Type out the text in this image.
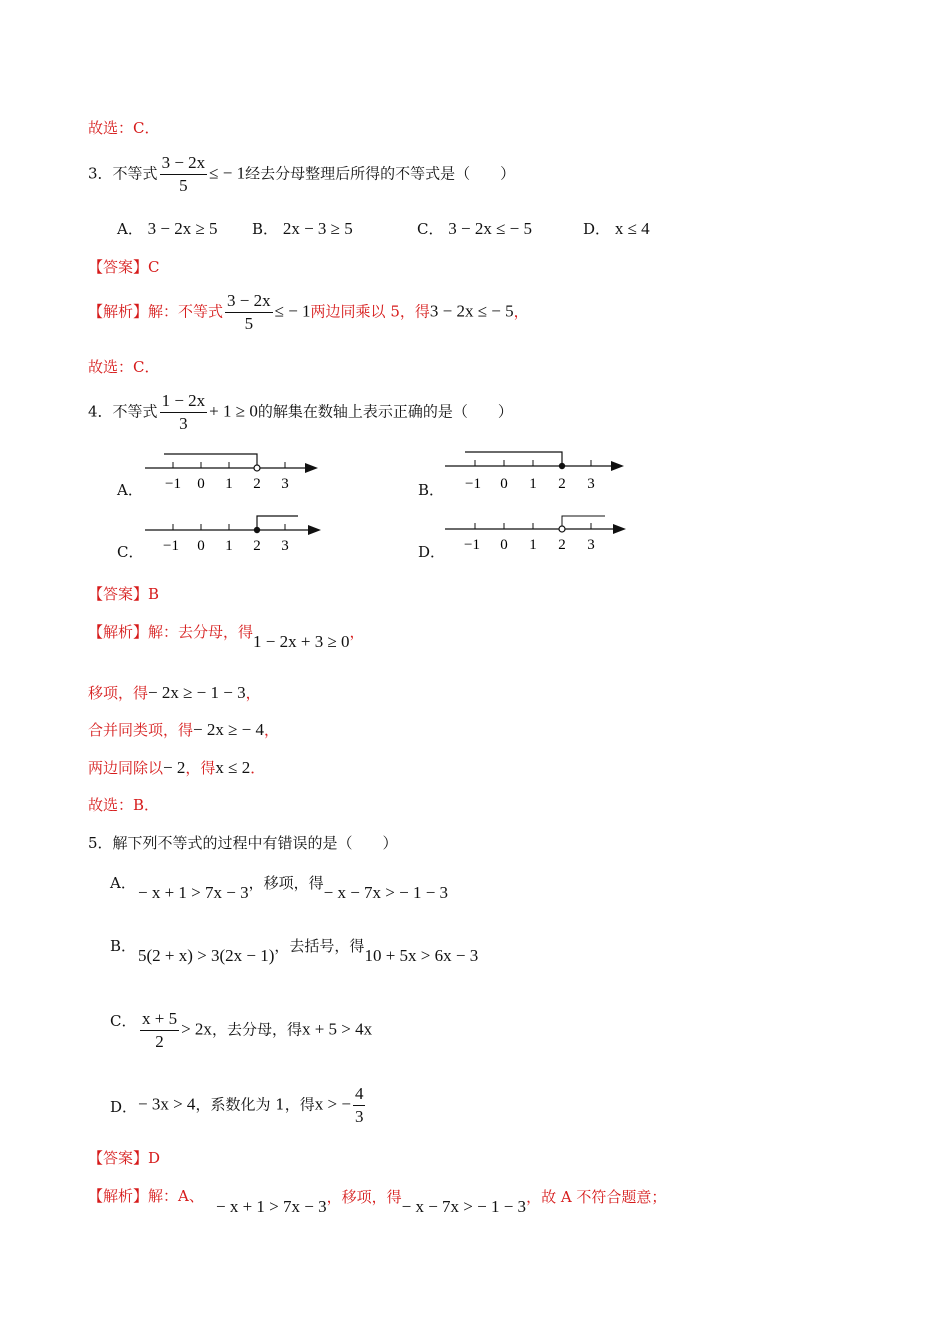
故选：C．
3．不等式 $\frac{3 - 2x}{5}$ ≤ − 1经去分母整理后所得的不等式是（　　）
A． 3 − 2x ≥ 5 B． 2x − 3 ≥ 5	C． 3 − 2x ≤ − 5	D． x ≤ 4
【答案】C
【解析】解：不等式 $\frac{3 - 2x}{5}$ ≤ − 1两边同乘以 5，得3 − 2x ≤ − 5，
故选：C．
4．不等式 $\frac{1 - 2x}{3} + 1 \ge 0$的解集在数轴上表示正确的是（　　）
A． −1 0 1 2 3	B． −1 0 1 2 3
C． −1 0 1 2 3	D． −1 0 1 2 3
【答案】B
【解析】解：去分母，得1 − 2x + 3 ≥ 0，
移项，得− 2x ≥ − 1 − 3，
合并同类项，得− 2x ≥ − 4，
两边同除以− 2，得x ≤ 2．
故选：B．
5．解下列不等式的过程中有错误的是（　　）
A． − x + 1 > 7x − 3，移项，得− x − 7x > − 1 − 3
B． 5(2 + x) > 3(2x − 1)，去括号，得10 + 5x > 6x − 3
C． $\frac{x + 5}{2} > 2x$，去分母，得x + 5 > 4x
D． − 3x > 4，系数化为 1，得x > − $\frac{4}{3}$
【答案】D
【解析】解：A、
− x + 1 > 7x − 3，移项，得− x − 7x > − 1 − 3，故 A 不符合题意；
